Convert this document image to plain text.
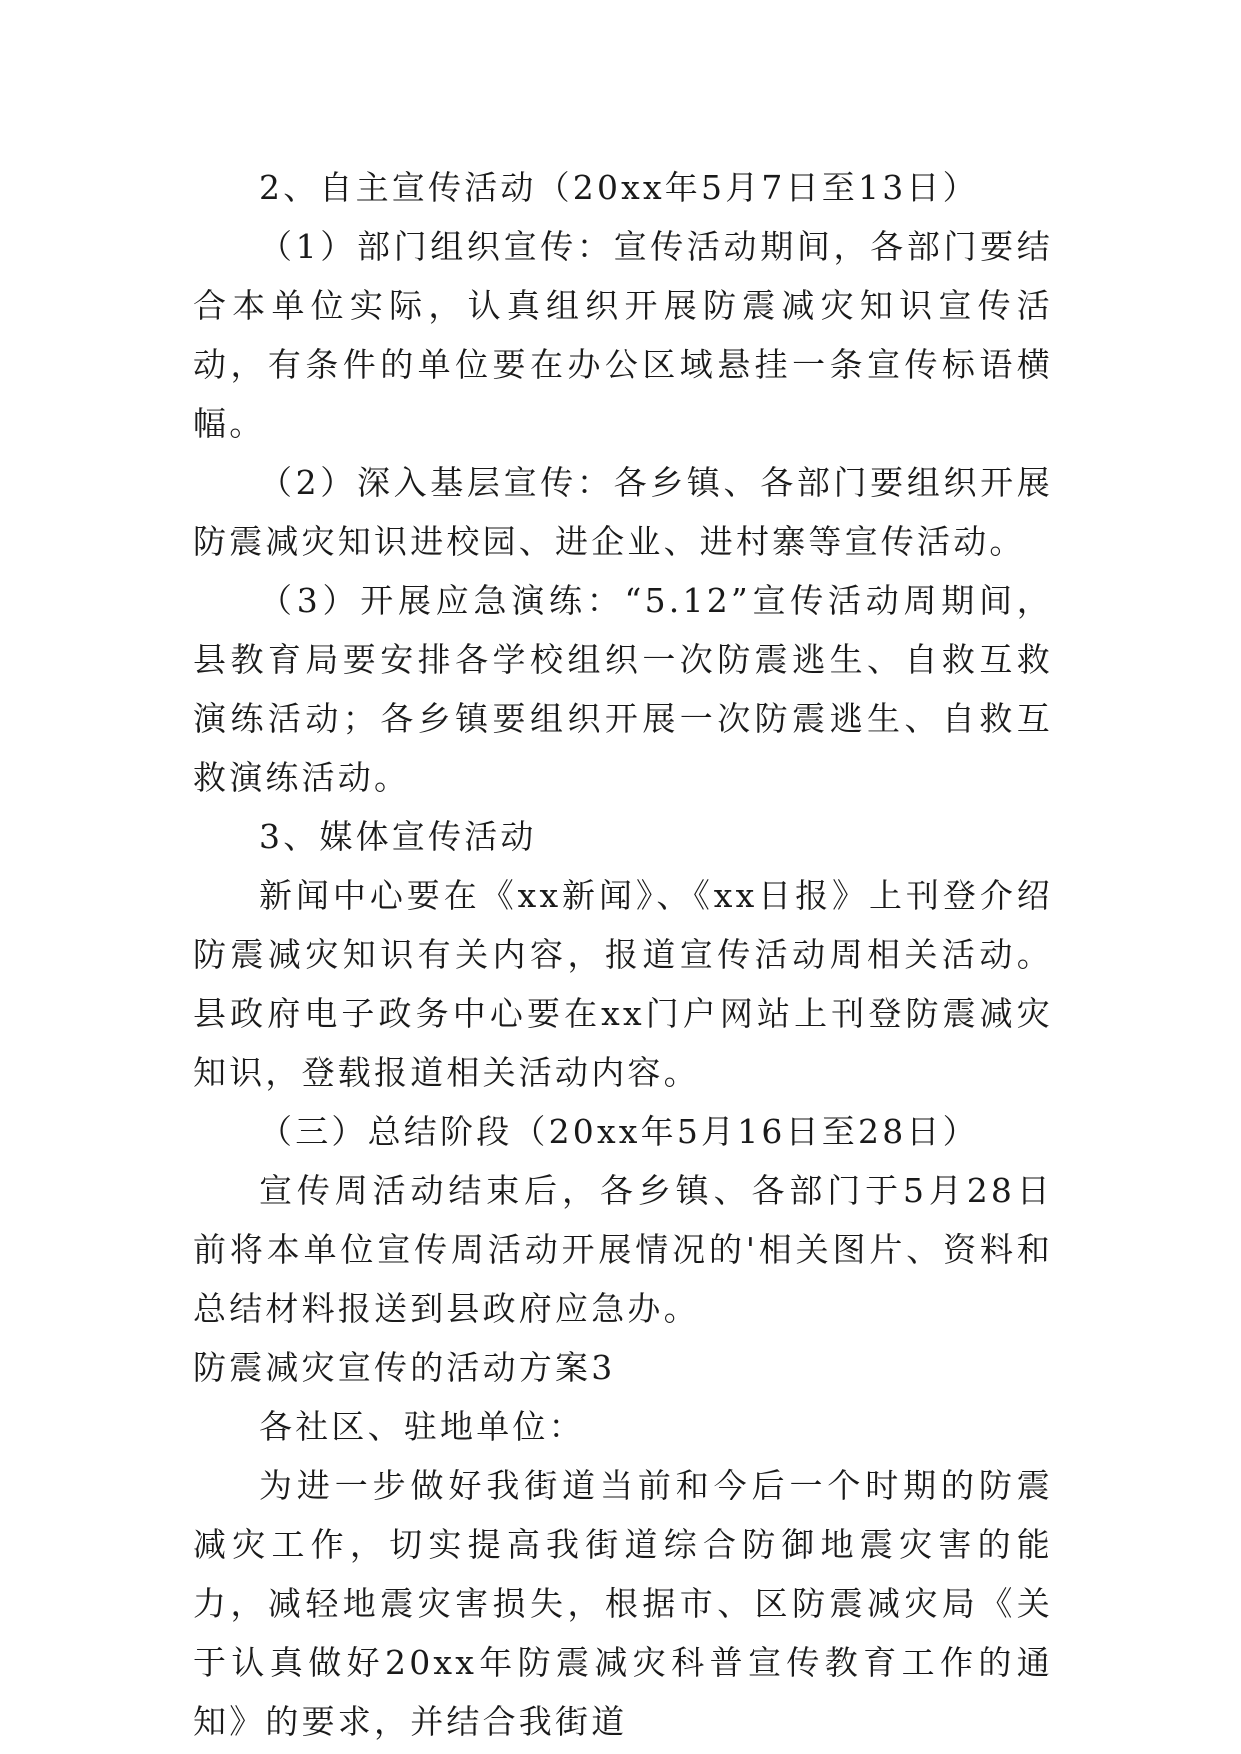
2、自主宣传活动（20xx年5月7日至13日）

（1）部门组织宣传：宣传活动期间，各部门要结合本单位实际，认真组织开展防震减灾知识宣传活动，有条件的单位要在办公区域悬挂一条宣传标语横幅。

（2）深入基层宣传：各乡镇、各部门要组织开展防震减灾知识进校园、进企业、进村寨等宣传活动。

（3）开展应急演练：“5.12”宣传活动周期间，县教育局要安排各学校组织一次防震逃生、自救互救演练活动；各乡镇要组织开展一次防震逃生、自救互救演练活动。

3、媒体宣传活动

新闻中心要在《xx新闻》、《xx日报》上刊登介绍防震减灾知识有关内容，报道宣传活动周相关活动。县政府电子政务中心要在xx门户网站上刊登防震减灾知识，登载报道相关活动内容。

（三）总结阶段（20xx年5月16日至28日）

宣传周活动结束后，各乡镇、各部门于5月28日前将本单位宣传周活动开展情况的'相关图片、资料和总结材料报送到县政府应急办。

防震减灾宣传的活动方案3

各社区、驻地单位：

为进一步做好我街道当前和今后一个时期的防震减灾工作，切实提高我街道综合防御地震灾害的能力，减轻地震灾害损失，根据市、区防震减灾局《关于认真做好20xx年防震减灾科普宣传教育工作的通知》的要求，并结合我街道
